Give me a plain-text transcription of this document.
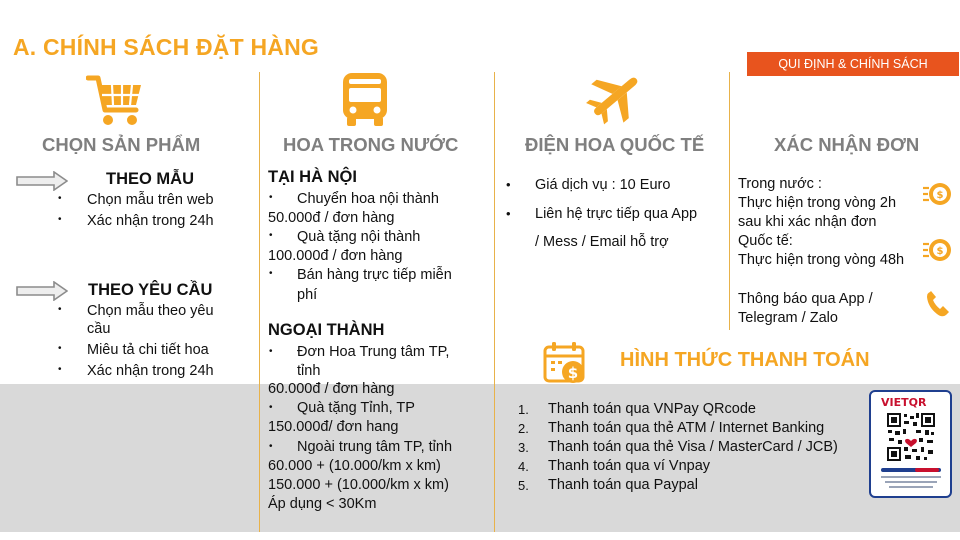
A. CHÍNH SÁCH ĐẶT HÀNG
QUI ĐỊNH & CHÍNH SÁCH
CHỌN SẢN PHẨM	HOA TRONG NƯỚC	ĐIỆN HOA QUỐC TẾ	XÁC NHẬN ĐƠN
THEO MẪU
• Chọn mẫu trên web
• Xác nhận trong 24h
THEO YÊU CẦU
• Chọn mẫu theo yêu
cầu
• Miêu tả chi tiết hoa
• Xác nhận trong 24h
TẠI HÀ NỘI
• Chuyển hoa nội thành
50.000đ / đơn hàng
• Quà tặng nội thành
100.000đ / đơn hàng
• Bán hàng trực tiếp miễn
phí
NGOẠI THÀNH
• Đơn Hoa Trung tâm TP,
tỉnh
60.000đ / đơn hàng
• Quà tặng Tỉnh, TP
150.000đ/ đơn hang
• Ngoài trung tâm TP, tỉnh
60.000 + (10.000/km x km)
150.000 + (10.000/km x km)
Áp dụng < 30Km
• Giá dịch vụ : 10 Euro
• Liên hệ trực tiếp qua App
/ Mess / Email hỗ trợ
Trong nước :
Thực hiện trong vòng 2h
sau khi xác nhận đơn
Quốc tế:
Thực hiện trong vòng 48h
Thông báo qua App /
Telegram / Zalo
$
$
$
HÌNH THỨC THANH TOÁN
1. Thanh toán qua VNPay QRcode
2. Thanh toán qua thẻ ATM / Internet Banking
3. Thanh toán qua thẻ Visa / MasterCard / JCB)
4. Thanh toán qua ví Vnpay
5. Thanh toán qua Paypal
VIETQR
